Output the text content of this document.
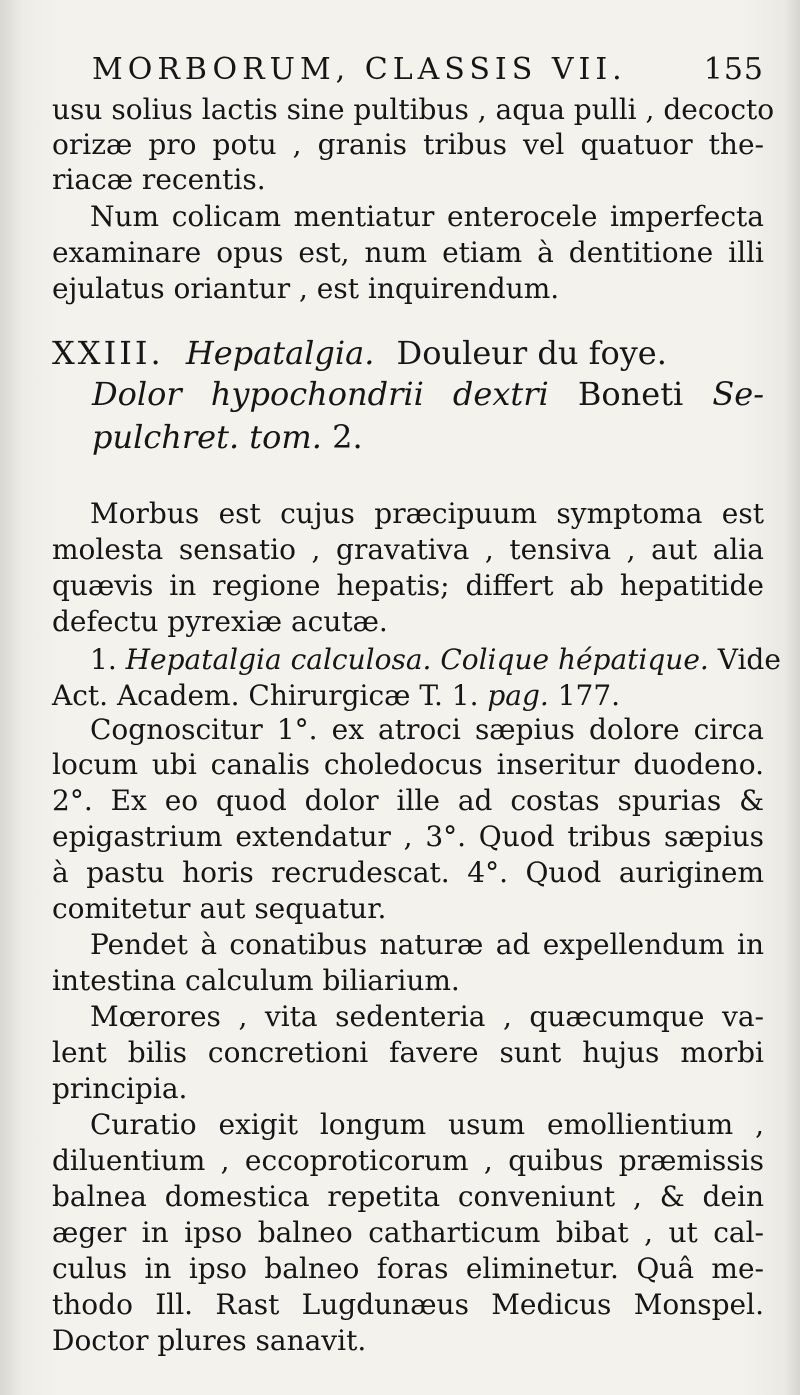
MORBORUM, CLASSIS VII.	155
usu solius lactis sine pultibus , aqua pulli , decocto
orizæ pro potu , granis tribus vel quatuor the-
riacæ recentis.
Num colicam mentiatur enterocele imperfecta
examinare opus est, num etiam à dentitione illi
ejulatus oriantur , est inquirendum.
XXIII. Hepatalgia. Douleur du foye.
Dolor hypochondrii dextri Boneti Se-
pulchret. tom. 2.
Morbus est cujus præcipuum symptoma est
molesta sensatio , gravativa , tensiva , aut alia
quævis in regione hepatis; differt ab hepatitide
defectu pyrexiæ acutæ.
1. Hepatalgia calculosa. Colique hépatique. Vide
Act. Academ. Chirurgicæ T. 1. pag. 177.
Cognoscitur 1°. ex atroci sæpius dolore circa
locum ubi canalis choledocus inseritur duodeno.
2°. Ex eo quod dolor ille ad costas spurias &
epigastrium extendatur , 3°. Quod tribus sæpius
à pastu horis recrudescat. 4°. Quod auriginem
comitetur aut sequatur.
Pendet à conatibus naturæ ad expellendum in
intestina calculum biliarium.
Mœrores , vita sedenteria , quæcumque va-
lent bilis concretioni favere sunt hujus morbi
principia.
Curatio exigit longum usum emollientium ,
diluentium , eccoproticorum , quibus præmissis
balnea domestica repetita conveniunt , & dein
æger in ipso balneo catharticum bibat , ut cal-
culus in ipso balneo foras eliminetur. Quâ me-
thodo Ill. Rast Lugdunæus Medicus Monspel.
Doctor plures sanavit.
